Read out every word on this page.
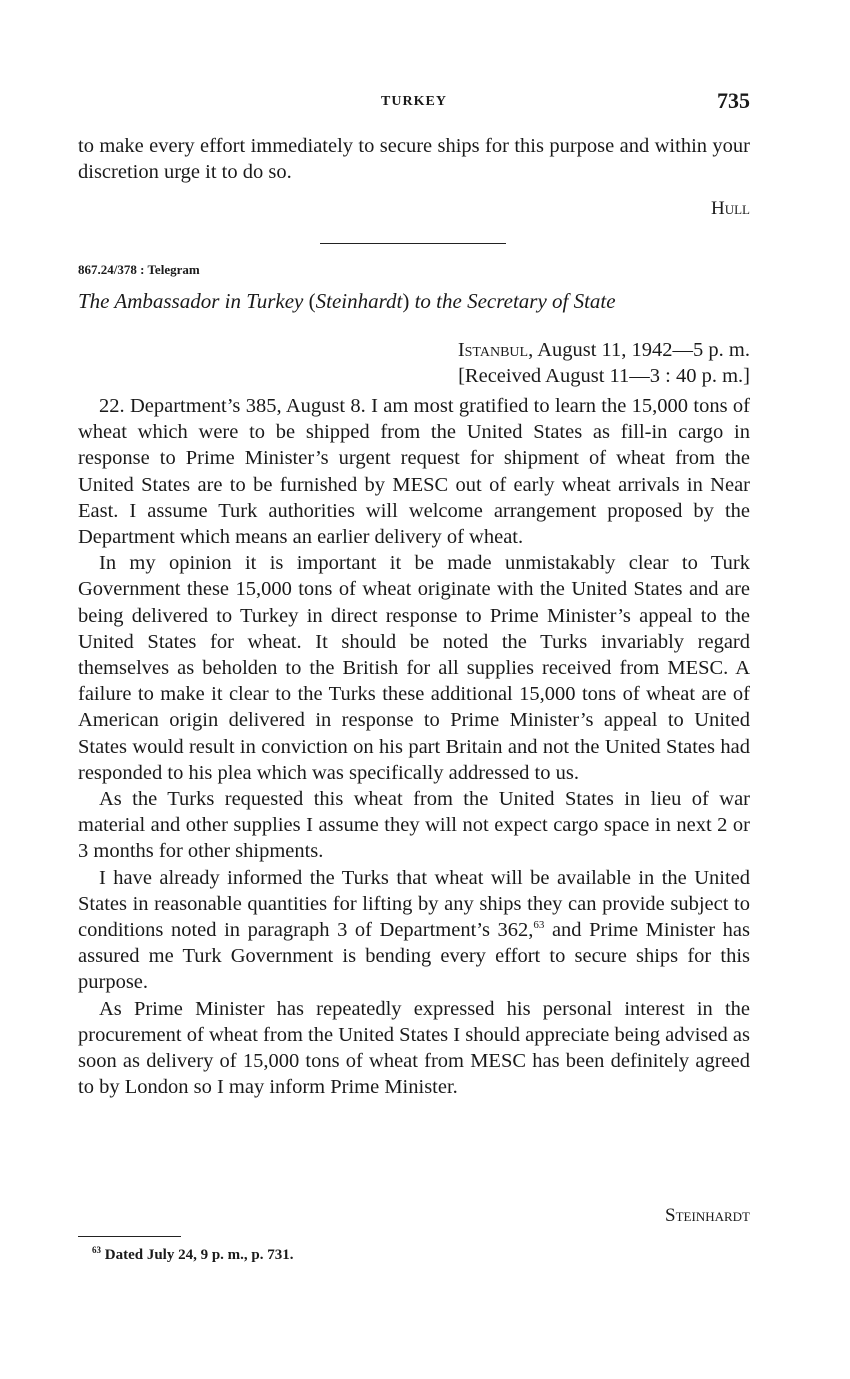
TURKEY	735

to make every effort immediately to secure ships for this purpose and within your discretion urge it to do so.

Hull
867.24/378 : Telegram
The Ambassador in Turkey (Steinhardt) to the Secretary of State
Istanbul, August 11, 1942—5 p. m.
[Received August 11—3 : 40 p. m.]

22. Department’s 385, August 8. I am most gratified to learn the 15,000 tons of wheat which were to be shipped from the United States as fill-in cargo in response to Prime Minister’s urgent request for shipment of wheat from the United States are to be furnished by MESC out of early wheat arrivals in Near East. I assume Turk authorities will welcome arrangement proposed by the Department which means an earlier delivery of wheat.

In my opinion it is important it be made unmistakably clear to Turk Government these 15,000 tons of wheat originate with the United States and are being delivered to Turkey in direct response to Prime Minister’s appeal to the United States for wheat. It should be noted the Turks invariably regard themselves as beholden to the British for all supplies received from MESC. A failure to make it clear to the Turks these additional 15,000 tons of wheat are of American origin delivered in response to Prime Minister’s appeal to United States would result in conviction on his part Britain and not the United States had responded to his plea which was specifically addressed to us.

As the Turks requested this wheat from the United States in lieu of war material and other supplies I assume they will not expect cargo space in next 2 or 3 months for other shipments.

I have already informed the Turks that wheat will be available in the United States in reasonable quantities for lifting by any ships they can provide subject to conditions noted in paragraph 3 of Department’s 362,63 and Prime Minister has assured me Turk Government is bending every effort to secure ships for this purpose.

As Prime Minister has repeatedly expressed his personal interest in the procurement of wheat from the United States I should appreciate being advised as soon as delivery of 15,000 tons of wheat from MESC has been definitely agreed to by London so I may inform Prime Minister.

Steinhardt
$^{63}$ Dated July 24, 9 p. m., p. 731.
